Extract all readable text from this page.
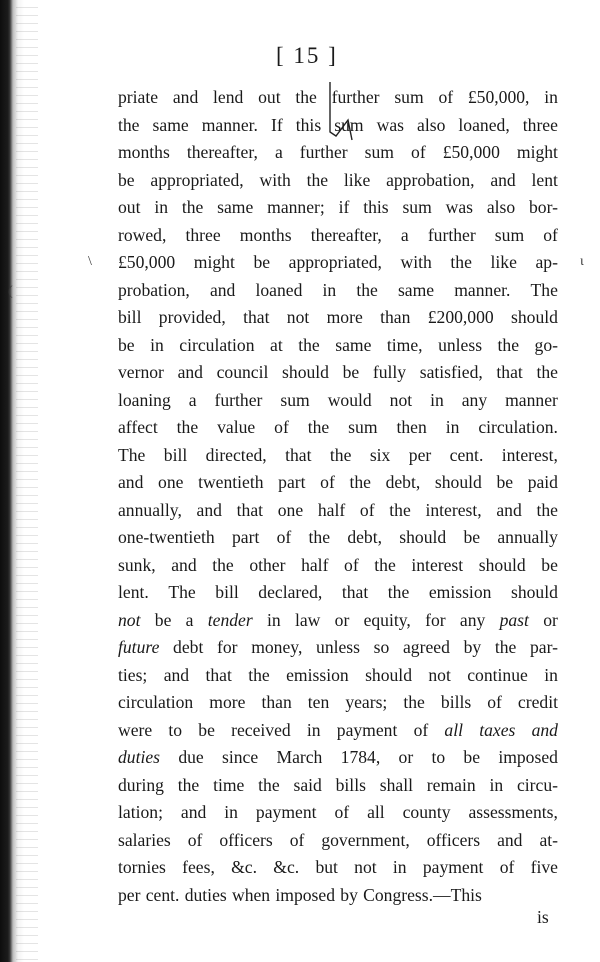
[ 15 ]
\
(
ι
priate and lend out the further sum of £50,000, in
the same manner. If this sum was also loaned, three
months thereafter, a further sum of £50,000 might
be appropriated, with the like approbation, and lent
out in the same manner; if this sum was also bor-
rowed, three months thereafter, a further sum of
£50,000 might be appropriated, with the like ap-
probation, and loaned in the same manner. The
bill provided, that not more than £200,000 should
be in circulation at the same time, unless the go-
vernor and council should be fully satisfied, that the
loaning a further sum would not in any manner
affect the value of the sum then in circulation.
The bill directed, that the six per cent. interest,
and one twentieth part of the debt, should be paid
annually, and that one half of the interest, and the
one-twentieth part of the debt, should be annually
sunk, and the other half of the interest should be
lent. The bill declared, that the emission should
not be a tender in law or equity, for any past or
future debt for money, unless so agreed by the par-
ties; and that the emission should not continue in
circulation more than ten years; the bills of credit
were to be received in payment of all taxes and
duties due since March 1784, or to be imposed
during the time the said bills shall remain in circu-
lation; and in payment of all county assessments,
salaries of officers of government, officers and at-
tornies fees, &c. &c. but not in payment of five
per cent. duties when imposed by Congress.—This
is
